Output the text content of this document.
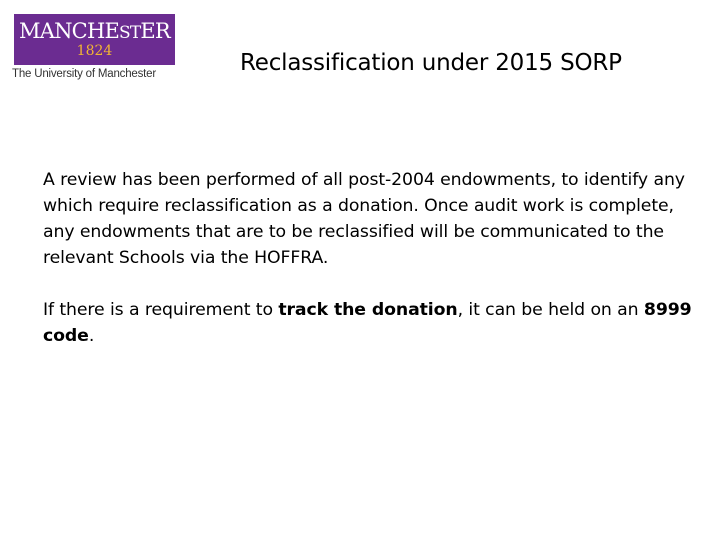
MANCHESTER
1824
The University of Manchester	Reclassification under 2015 SORP

A review has been performed of all post-2004 endowments, to identify any which require reclassification as a donation. Once audit work is complete, any endowments that are to be reclassified will be communicated to the relevant Schools via the HOFFRA.

If there is a requirement to track the donation, it can be held on an 8999 code.
